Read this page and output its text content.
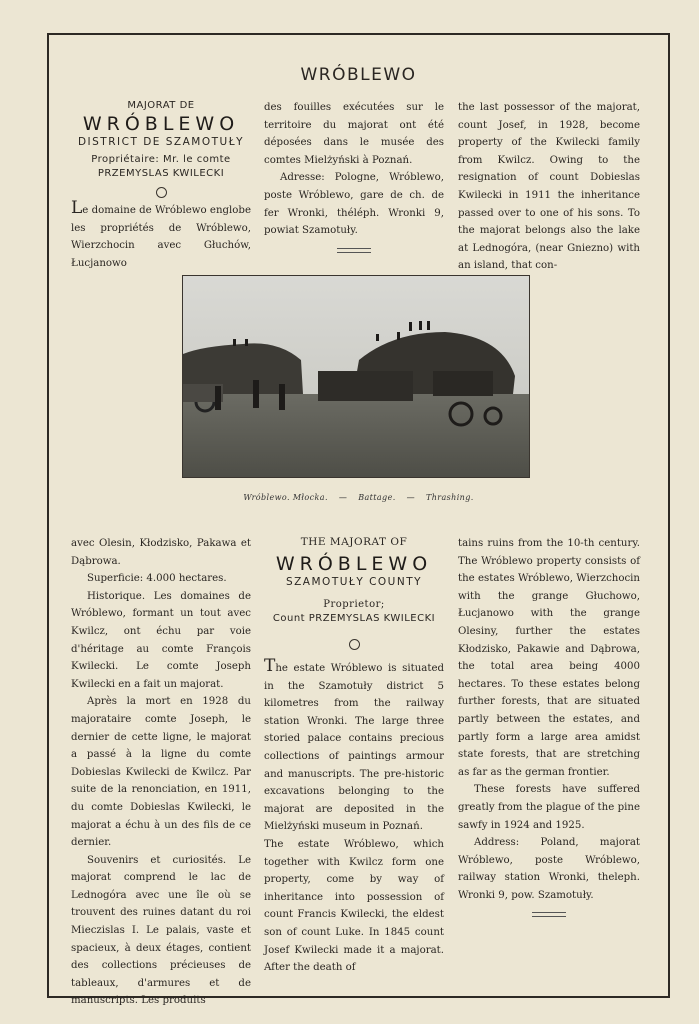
WRÓBLEWO
MAJORAT DE
WRÓBLEWO
DISTRICT DE SZAMOTUŁY
Propriétaire: Mr. le comte
PRZEMYSLAS KWILECKI

Le domaine de Wróblewo englobe les propriétés de Wróblewo, Wierzchocin avec Głuchów, Łucjanowo

des fouilles exécutées sur le territoire du majorat ont été déposées dans le musée des comtes Mielżyński à Poznań.

Adresse: Pologne, Wróblewo, poste Wróblewo, gare de ch. de fer Wronki, théléph. Wronki 9, powiat Szamotuły.

the last possessor of the majorat, count Josef, in 1928, become property of the Kwilecki family from Kwilcz. Owing to the resignation of count Dobieslas Kwilecki in 1911 the inheritance passed over to one of his sons. To the majorat belongs also the lake at Lednogóra, (near Gniezno) with an island, that con-

Wróblewo. Młocka. — Battage. — Thrashing.

avec Olesin, Kłodzisko, Pakawa et Dąbrowa.

Superficie: 4.000 hectares.

Historique. Les domaines de Wróblewo, formant un tout avec Kwilcz, ont échu par voie d'héritage au comte François Kwilecki. Le comte Joseph Kwilecki en a fait un majorat.

Après la mort en 1928 du majorataire comte Joseph, le dernier de cette ligne, le majorat a passé à la ligne du comte Dobieslas Kwilecki de Kwilcz. Par suite de la renonciation, en 1911, du comte Dobieslas Kwilecki, le majorat a échu à un des fils de ce dernier.

Souvenirs et curiosités. Le majorat comprend le lac de Lednogóra avec une île où se trouvent des ruines datant du roi Mieczislas I. Le palais, vaste et spacieux, à deux étages, contient des collections précieuses de tableaux, d'armures et de manuscripts. Les produits

THE MAJORAT OF
WRÓBLEWO
SZAMOTUŁY COUNTY
Proprietor;
Count PRZEMYSLAS KWILECKI

The estate Wróblewo is situated in the Szamotuły district 5 kilometres from the railway station Wronki. The large three storied palace contains precious collections of paintings armour and manuscripts. The pre-historic excavations belonging to the majorat are deposited in the Mielżyński museum in Poznań.

The estate Wróblewo, which together with Kwilcz form one property, come by way of inheritance into possession of count Francis Kwilecki, the eldest son of count Luke. In 1845 count Josef Kwilecki made it a majorat. After the death of

tains ruins from the 10-th century. The Wróblewo property consists of the estates Wróblewo, Wierzchocin with the grange Głuchowo, Łucjanowo with the grange Olesiny, further the estates Kłodzisko, Pakawie and Dąbrowa, the total area being 4000 hectares. To these estates belong further forests, that are situated partly between the estates, and partly form a large area amidst state forests, that are stretching as far as the german frontier.

These forests have suffered greatly from the plague of the pine sawfy in 1924 and 1925.

Address: Poland, majorat Wróblewo, poste Wróblewo, railway station Wronki, theleph. Wronki 9, pow. Szamotuły.
